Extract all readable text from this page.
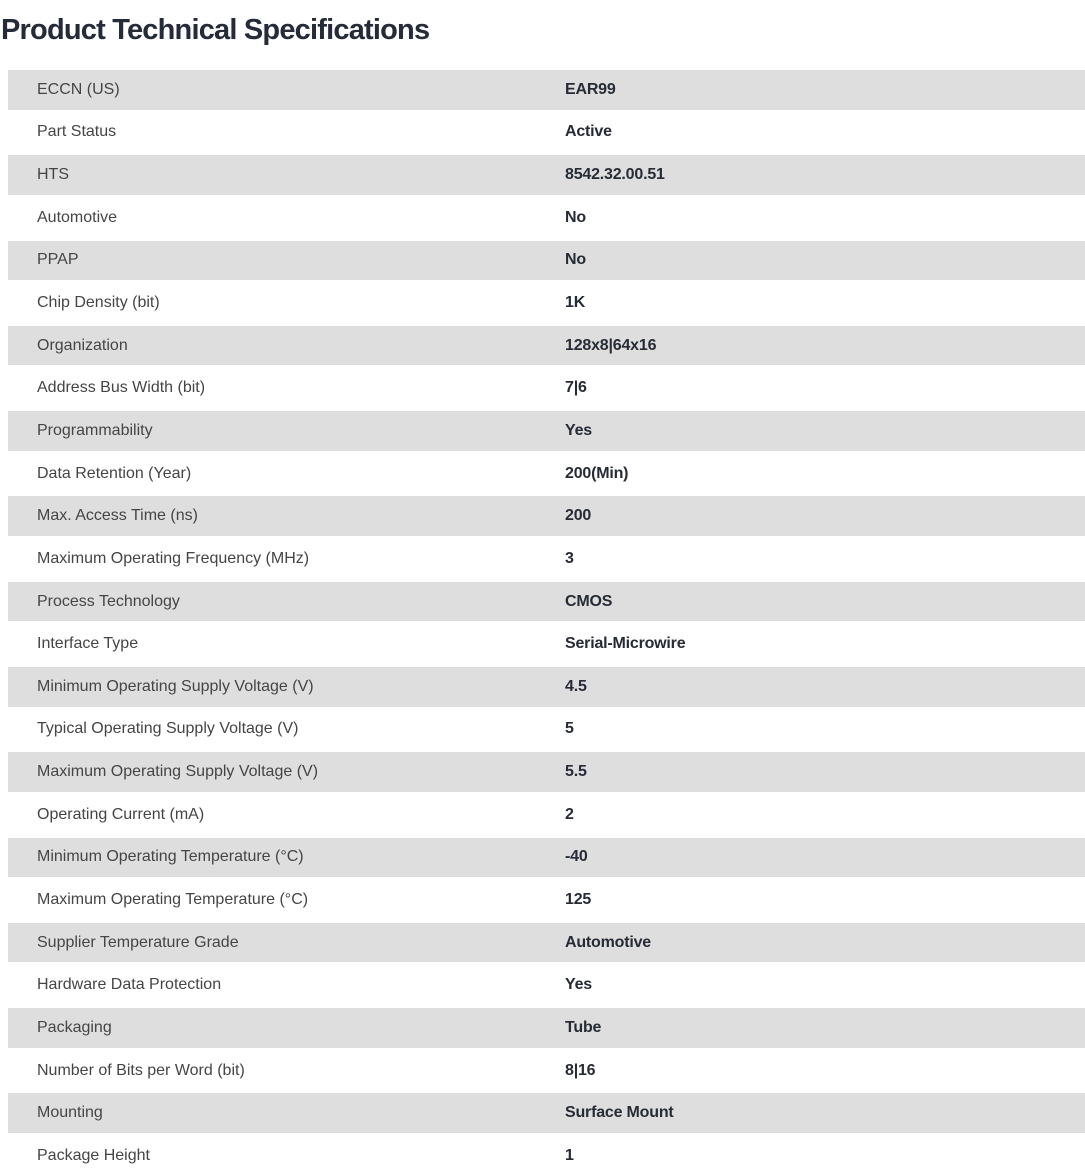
Product Technical Specifications
ECCN (US)	EAR99
Part Status	Active
HTS	8542.32.00.51
Automotive	No
PPAP	No
Chip Density (bit)	1K
Organization	128x8|64x16
Address Bus Width (bit)	7|6
Programmability	Yes
Data Retention (Year)	200(Min)
Max. Access Time (ns)	200
Maximum Operating Frequency (MHz)	3
Process Technology	CMOS
Interface Type	Serial-Microwire
Minimum Operating Supply Voltage (V)	4.5
Typical Operating Supply Voltage (V)	5
Maximum Operating Supply Voltage (V)	5.5
Operating Current (mA)	2
Minimum Operating Temperature (°C)	-40
Maximum Operating Temperature (°C)	125
Supplier Temperature Grade	Automotive
Hardware Data Protection	Yes
Packaging	Tube
Number of Bits per Word (bit)	8|16
Mounting	Surface Mount
Package Height	1
